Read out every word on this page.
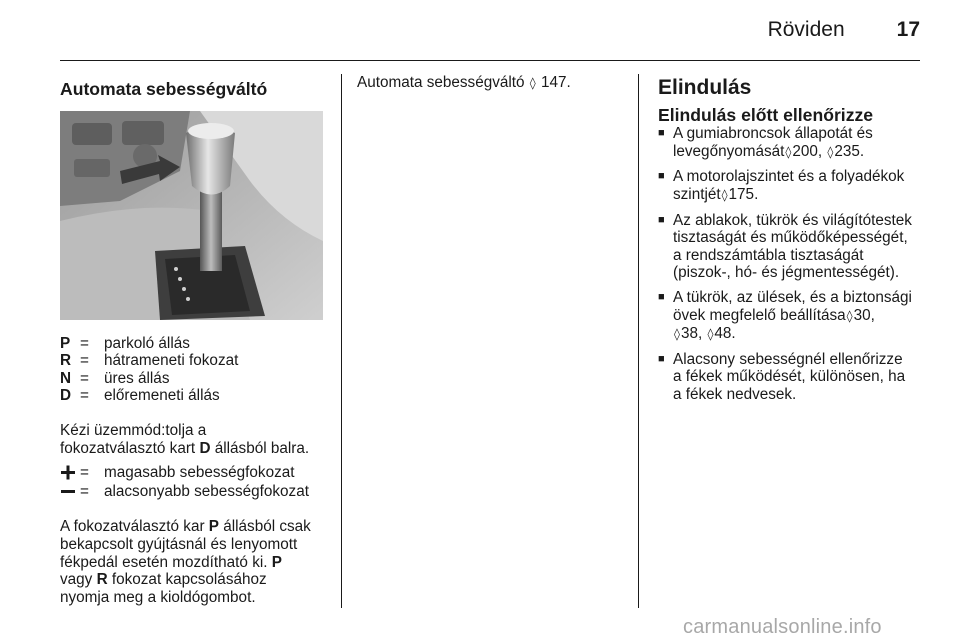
Röviden 17
Automata sebességváltó
P = parkoló állás
R = hátrameneti fokozat
N = üres állás
D = előremeneti állás
Kézi üzemmód:tolja a
fokozatválasztó kart D állásból balra.
= magasabb sebességfokozat
= alacsonyabb sebességfokozat
A fokozatválasztó kar P állásból csak
bekapcsolt gyújtásnál és lenyomott
fékpedál esetén mozdítható ki. P
vagy R fokozat kapcsolásához
nyomja meg a kioldógombot.
Automata sebességváltó ◊ 147.	Elindulás
Elindulás előtt ellenőrizze
■ A gumiabroncsok állapotát és
levegőnyomását◊200, ◊235.
■ A motorolajszintet és a folyadékok
szintjét◊175.
■ Az ablakok, tükrök és világítótestek
tisztaságát és működőképességét,
a rendszámtábla tisztaságát
(piszok-, hó- és jégmentességét).
■ A tükrök, az ülések, és a biztonsági
övek megfelelő beállítása◊30,
◊38, ◊48.
■ Alacsony sebességnél ellenőrizze
a fékek működését, különösen, ha
a fékek nedvesek.
carmanualsonline.info
